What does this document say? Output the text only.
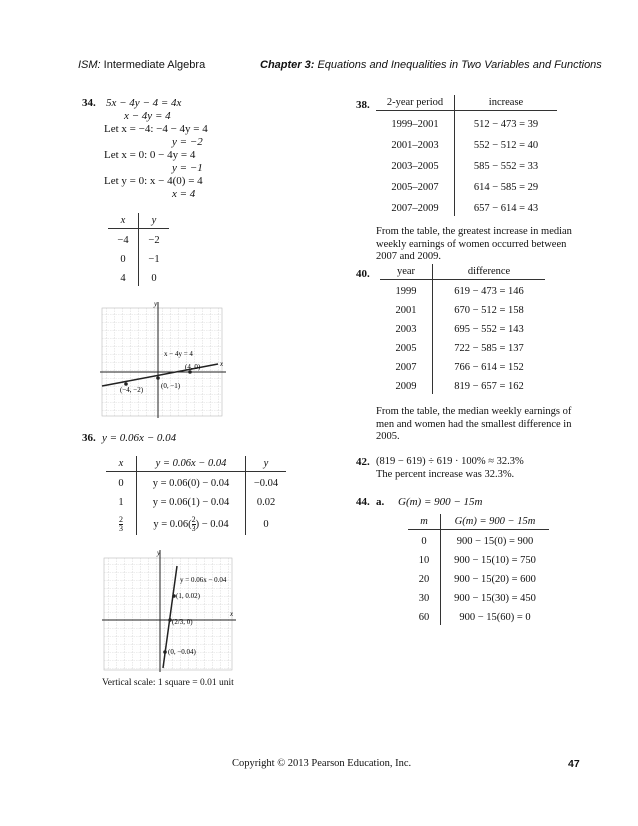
ISM: Intermediate Algebra	Chapter 3: Equations and Inequalities in Two Variables and Functions
34. 5x − 4y − 4 = 4x
x − 4y = 4
Let x = −4: −4 − 4y = 4
y = −2
Let x = 0: 0 − 4y = 4
y = −1
Let y = 0: x − 4(0) = 4
x = 4
x	y
−4	−2
0	−1
4	0
y
x
x − 4y = 4
(4, 0)
(0, −1)
(−4, −2)
36. y = 0.06x − 0.04
x	y = 0.06x − 0.04	y
0	y = 0.06(0) − 0.04	−0.04
1	y = 0.06(1) − 0.04	0.02

$\frac{2}{3}$	$y = 0.06( \frac{2}{3}$ ) − 0.04	0
y
x
y = 0.06x − 0.04
(1, 0.02)
(2/3, 0)
(0, −0.04)
Vertical scale: 1 square = 0.01 unit
38. 2-year period	increase
1999–2001	512 − 473 = 39
2001–2003	552 − 512 = 40
2003–2005	585 − 552 = 33
2005–2007	614 − 585 = 29
2007–2009	657 − 614 = 43
From the table, the greatest increase in median weekly earnings of women occurred between 2007 and 2009.
40.	year	difference
1999	619 − 473 = 146
2001	670 − 512 = 158
2003	695 − 552 = 143
2005	722 − 585 = 137
2007	766 − 614 = 152
2009	819 − 657 = 162
From the table, the median weekly earnings of men and women had the smallest difference in 2005.
42. (819 − 619) ÷ 619 · 100% ≈ 32.3%
The percent increase was 32.3%.
44. a. G(m) = 900 − 15m
m	G(m) = 900 − 15m
0	900 − 15(0) = 900
10	900 − 15(10) = 750
20	900 − 15(20) = 600
30	900 − 15(30) = 450
60	900 − 15(60) = 0
Copyright © 2013 Pearson Education, Inc.	47
